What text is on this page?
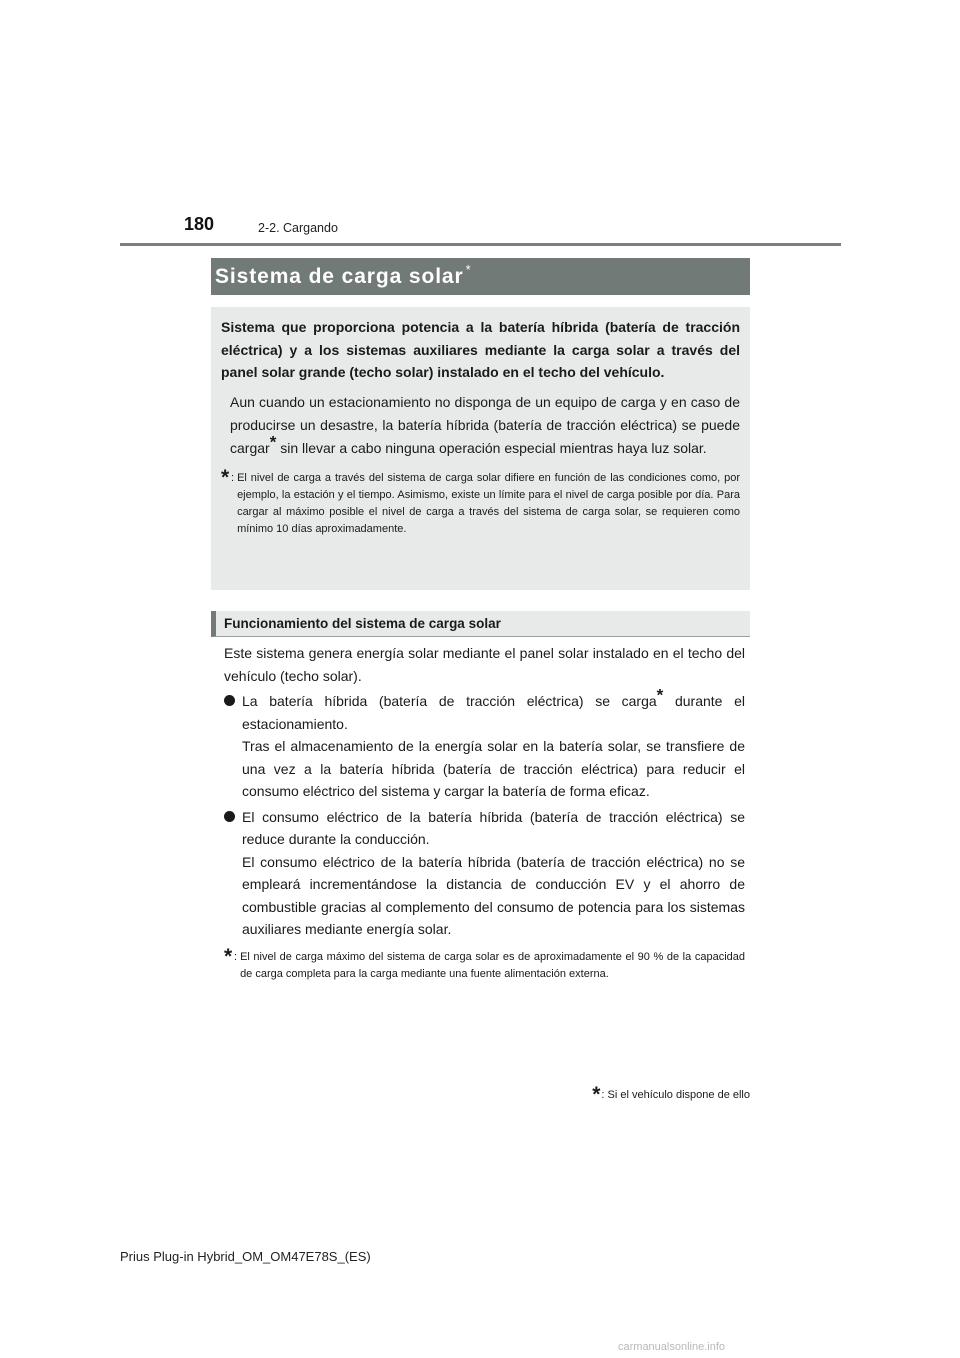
180	2-2. Cargando
Sistema de carga solar *

Sistema que proporciona potencia a la batería híbrida (batería de tracción eléctrica) y a los sistemas auxiliares mediante la carga solar a través del panel solar grande (techo solar) instalado en el techo del vehículo.

Aun cuando un estacionamiento no disponga de un equipo de carga y en caso de producirse un desastre, la batería híbrida (batería de tracción eléctrica) se puede cargar* sin llevar a cabo ninguna operación especial mientras haya luz solar.

* : El nivel de carga a través del sistema de carga solar difiere en función de las condiciones como, por ejemplo, la estación y el tiempo. Asimismo, existe un límite para el nivel de carga posible por día. Para cargar al máximo posible el nivel de carga a través del sistema de carga solar, se requieren como mínimo 10 días aproximadamente.
Funcionamiento del sistema de carga solar

Este sistema genera energía solar mediante el panel solar instalado en el techo del vehículo (techo solar).

La batería híbrida (batería de tracción eléctrica) se carga* durante el estacionamiento.

Tras el almacenamiento de la energía solar en la batería solar, se transfiere de una vez a la batería híbrida (batería de tracción eléctrica) para reducir el consumo eléctrico del sistema y cargar la batería de forma eficaz.

El consumo eléctrico de la batería híbrida (batería de tracción eléctrica) se reduce durante la conducción.

El consumo eléctrico de la batería híbrida (batería de tracción eléctrica) no se empleará incrementándose la distancia de conducción EV y el ahorro de combustible gracias al complemento del consumo de potencia para los sistemas auxiliares mediante energía solar.

* : El nivel de carga máximo del sistema de carga solar es de aproximadamente el 90 % de la capacidad de carga completa para la carga mediante una fuente alimentación externa.
* : Si el vehículo dispone de ello
Prius Plug-in Hybrid_OM_OM47E78S_(ES)
carmanualsonline.info
